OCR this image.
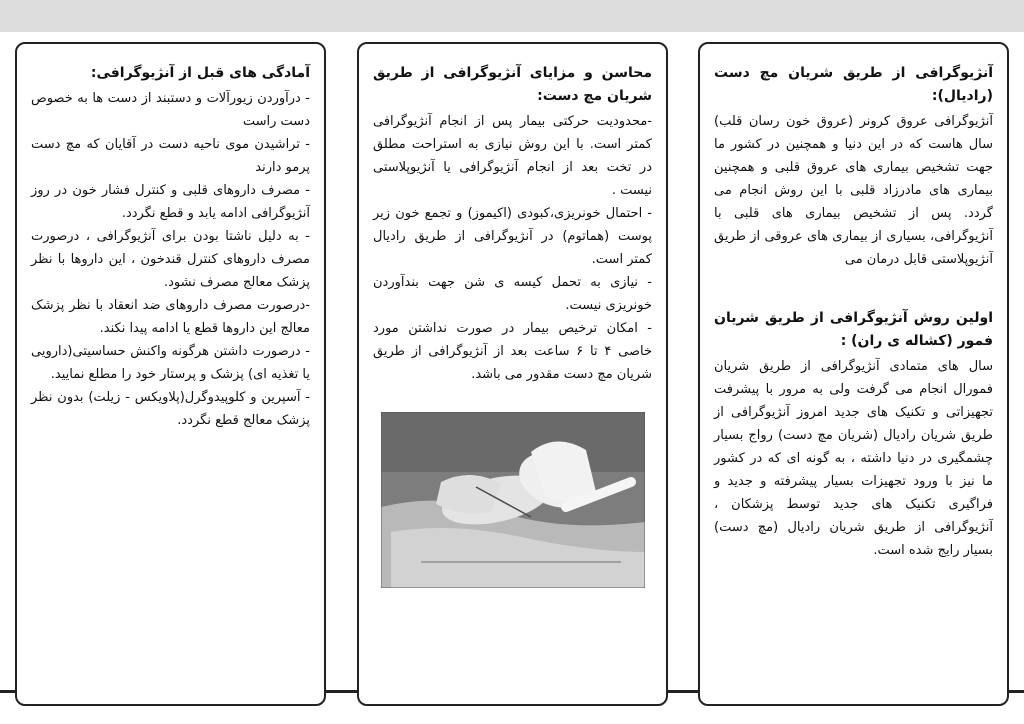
آمادگی های قبل از آنژیوگرافی:

- درآوردن زیورآلات و دستبند از دست ها به خصوص دست راست

- تراشیدن موی ناحیه دست در آقایان که مچ دست پرمو دارند

- مصرف داروهای قلبی و کنترل فشار خون در روز آنژیوگرافی ادامه یابد و قطع نگردد.

- به دلیل ناشتا بودن برای آنژیوگرافی ، درصورت مصرف داروهای کنترل قندخون ، این داروها با نظر پزشک معالج مصرف نشود.

-درصورت مصرف داروهای ضد انعقاد با نظر پزشک معالج این داروها قطع یا ادامه پیدا نکند.

- درصورت داشتن هرگونه واکنش حساسیتی(دارویی یا تغذیه ای) پزشک و پرستار خود را مطلع نمایید.

- آسپرین و کلوپیدوگرل(پلاویکس - زیلت) بدون نظر پزشک معالج قطع نگردد.

محاسن و مزایای آنژیوگرافی از طریق شریان مچ دست:

-محدودیت حرکتی بیمار پس از انجام آنژیوگرافی کمتر است. با این روش نیازی به استراحت مطلق در تخت بعد از انجام آنژیوگرافی یا آنژیوپلاستی نیست .

- احتمال خونریزی،کبودی (اکیموز) و تجمع خون زیر پوست (هماتوم) در آنژیوگرافی از طریق رادیال کمتر است.

- نیازی به تحمل کیسه ی شن جهت بندآوردن خونریزی نیست.

- امکان ترخیص بیمار در صورت نداشتن مورد خاصی ۴ تا ۶ ساعت بعد از آنژیوگرافی از طریق شریان مچ دست مقدور می باشد.

آنژیوگرافی از طریق شریان مچ دست (رادیال):

آنژیوگرافی عروق کرونر (عروق خون رسان قلب) سال هاست که در این دنیا و همچنین در کشور ما جهت تشخیص بیماری های عروق قلبی و همچنین بیماری های مادرزاد قلبی با این روش انجام می گردد. پس از تشخیص بیماری های قلبی با آنژیوگرافی، بسیاری از بیماری های عروقی از طریق آنژیوپلاستی قابل درمان می

اولین روش آنژیوگرافی از طریق شریان فمور (کشاله ی ران) :

سال های متمادی آنژیوگرافی از طریق شریان فمورال انجام می گرفت ولی به مرور با پیشرفت تجهیزاتی و تکنیک های جدید امروز آنژیوگرافی از طریق شریان رادیال (شریان مچ دست) رواج بسیار چشمگیری در دنیا داشته ، به گونه ای که در کشور ما نیز با ورود تجهیزات بسیار پیشرفته و جدید و فراگیری تکنیک های جدید توسط پزشکان ، آنژیوگرافی از طریق شریان رادیال (مچ دست) بسیار رایج شده است.
